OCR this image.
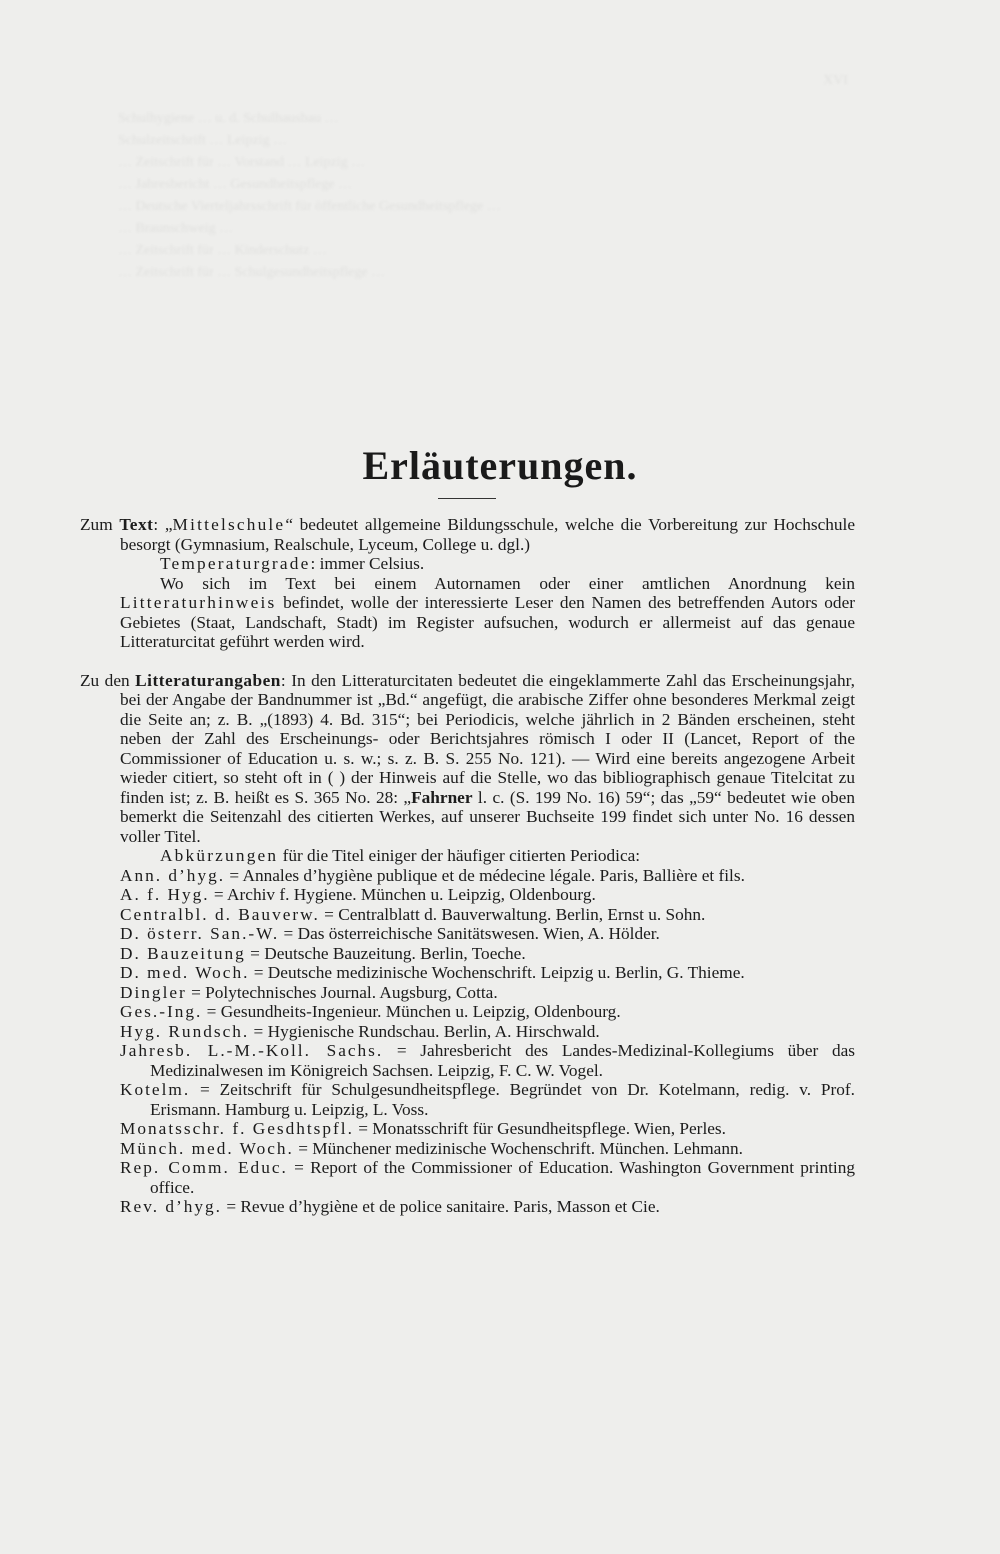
XVI
Schulhygiene … u. d. Schulhausbau …
Schulzeitschrift … Leipzig …
… Zeitschrift für … Vorstand … Leipzig …
… Jahresbericht … Gesundheitspflege …
… Deutsche Vierteljahrsschrift für öffentliche Gesundheitspflege …
… Braunschweig …
… Zeitschrift für … Kinderschutz …
… Zeitschrift für … Schulgesundheitspflege …
Erläuterungen.

Zum Text: „Mittelschule“ bedeutet allgemeine Bildungsschule, welche die Vorbereitung zur Hochschule besorgt (Gymnasium, Realschule, Lyceum, College u. dgl.)

Temperaturgrade: immer Celsius.

Wo sich im Text bei einem Autornamen oder einer amtlichen Anordnung kein Litteraturhinweis befindet, wolle der interessierte Leser den Namen des betreffenden Autors oder Gebietes (Staat, Landschaft, Stadt) im Register aufsuchen, wodurch er allermeist auf das genaue Litteraturcitat geführt werden wird.

Zu den Litteraturangaben: In den Litteraturcitaten bedeutet die eingeklammerte Zahl das Erscheinungsjahr, bei der Angabe der Bandnummer ist „Bd.“ angefügt, die arabische Ziffer ohne besonderes Merkmal zeigt die Seite an; z. B. „(1893) 4. Bd. 315“; bei Periodicis, welche jährlich in 2 Bänden erscheinen, steht neben der Zahl des Erscheinungs- oder Berichtsjahres römisch I oder II (Lancet, Report of the Commissioner of Education u. s. w.; s. z. B. S. 255 No. 121). — Wird eine bereits angezogene Arbeit wieder citiert, so steht oft in ( ) der Hinweis auf die Stelle, wo das bibliographisch genaue Titelcitat zu finden ist; z. B. heißt es S. 365 No. 28: „Fahrner l. c. (S. 199 No. 16) 59“; das „59“ bedeutet wie oben bemerkt die Seitenzahl des citierten Werkes, auf unserer Buchseite 199 findet sich unter No. 16 dessen voller Titel.

Abkürzungen für die Titel einiger der häufiger citierten Periodica:

Ann. d’hyg. = Annales d’hygiène publique et de médecine légale. Paris, Ballière et fils.
A. f. Hyg. = Archiv f. Hygiene. München u. Leipzig, Oldenbourg.
Centralbl. d. Bauverw. = Centralblatt d. Bauverwaltung. Berlin, Ernst u. Sohn.
D. österr. San.-W. = Das österreichische Sanitätswesen. Wien, A. Hölder.
D. Bauzeitung = Deutsche Bauzeitung. Berlin, Toeche.
D. med. Woch. = Deutsche medizinische Wochenschrift. Leipzig u. Berlin, G. Thieme.
Dingler = Polytechnisches Journal. Augsburg, Cotta.
Ges.-Ing. = Gesundheits-Ingenieur. München u. Leipzig, Oldenbourg.
Hyg. Rundsch. = Hygienische Rundschau. Berlin, A. Hirschwald.
Jahresb. L.-M.-Koll. Sachs. = Jahresbericht des Landes-Medizinal-Kollegiums über das Medizinalwesen im Königreich Sachsen. Leipzig, F. C. W. Vogel.
Kotelm. = Zeitschrift für Schulgesundheitspflege. Begründet von Dr. Kotelmann, redig. v. Prof. Erismann. Hamburg u. Leipzig, L. Voss.
Monatsschr. f. Gesdhtspfl. = Monatsschrift für Gesundheitspflege. Wien, Perles.
Münch. med. Woch. = Münchener medizinische Wochenschrift. München. Lehmann.
Rep. Comm. Educ. = Report of the Commissioner of Education. Washington Government printing office.
Rev. d’hyg. = Revue d’hygiène et de police sanitaire. Paris, Masson et Cie.
